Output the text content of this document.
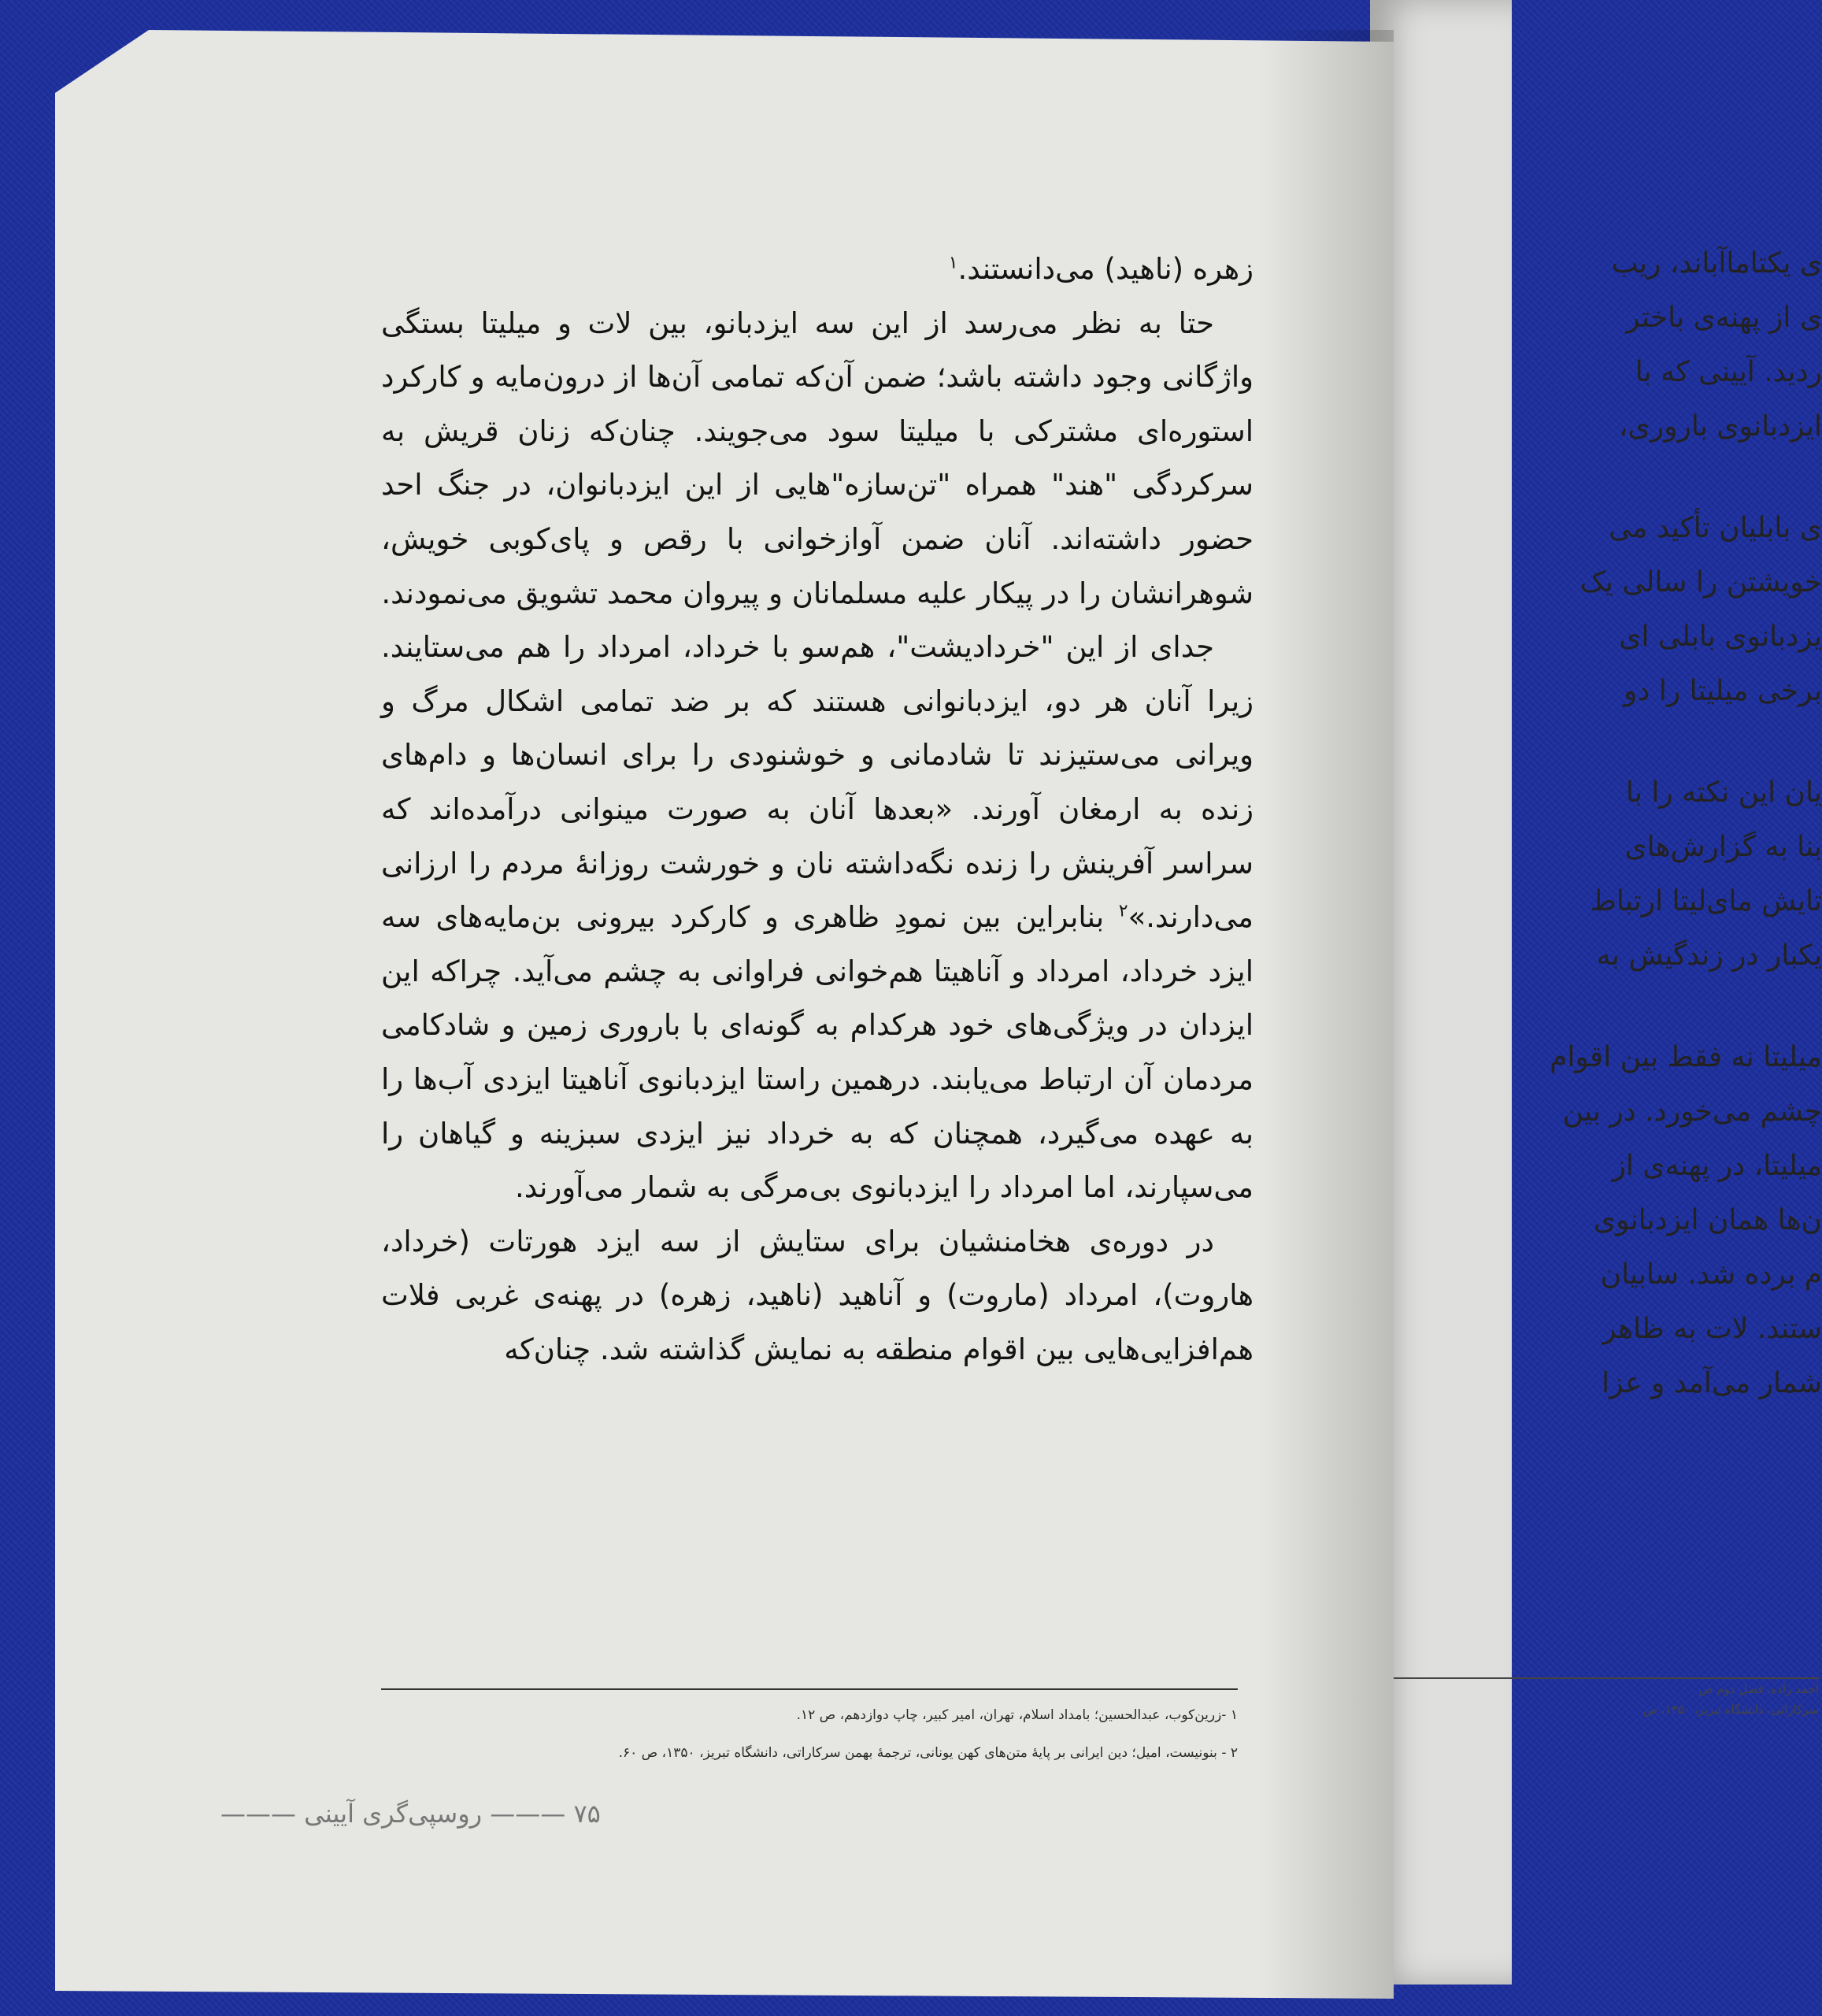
ی یکتا‌ماآباند، ریب
ی از پهنه‌ی باختر
ردید. آیینی که با
ایزدبانوی باروری،
ی بابلیان تأکید می
خویشتن را سالی یک
یزدبانوی بابلی ای
برخی میلیتا را دو
یان این نکته را با
بنا به گزارش‌های
تایش مای‌لیتا ارتباط
یکبار در زندگیش به
میلیتا نه فقط بین اقوام
چشم می‌خورد. در بین
میلیتا، در پهنه‌ی از
ن‌ها همان ایزدبانوی
م برده شد. سابیان
ستند. لات به ظاهر
شمار می‌آمد و عزا
احمد زاده، فصل دوم ص
سرکاراتی، دانشگاه تبریز، ۱۳۵۰، ص

زهره (ناهید) می‌دانستند.$^۱$

حتا به نظر می‌رسد از این سه ایزدبانو، بین لات و میلیتا بستگی واژگانی وجود داشته باشد؛ ضمن آن‌که تمامی آن‌ها از درون‌مایه و کارکرد استوره‌ای مشترکی با میلیتا سود می‌جویند. چنان‌که زنان قریش به سرکردگی "هند" همراه "تن‌سازه"هایی از این ایزدبانوان، در جنگ احد حضور داشته‌اند. آنان ضمن آوازخوانی با رقص و پای‌کوبی خویش، شوهرانشان را در پیکار علیه مسلمانان و پیروان محمد تشویق می‌نمودند.

جدای از این "خردادیشت"، هم‌سو با خرداد، امرداد را هم می‌ستایند. زیرا آنان هر دو، ایزدبانوانی هستند که بر ضد تمامی اشکال مرگ و ویرانی می‌ستیزند تا شادمانی و خوشنودی را برای انسان‌ها و دام‌های زنده به ارمغان آورند. «بعدها آنان به صورت مینوانی درآمده‌اند که سراسر آفرینش را زنده نگه‌داشته نان و خورشت روزانهٔ مردم را ارزانی می‌دارند.»$^۲$ بنابراین بین نمودِ ظاهری و کارکرد بیرونی بن‌مایه‌های سه ایزد خرداد، امرداد و آناهیتا هم‌خوانی فراوانی به چشم می‌آید. چراکه این ایزدان در ویژگی‌های خود هرکدام به گونه‌ای با باروری زمین و شادکامی مردمان آن ارتباط می‌یابند. درهمین راستا ایزدبانوی آناهیتا ایزدی آب‌ها را به عهده می‌گیرد، همچنان که به خرداد نیز ایزدی سبزینه و گیاهان را می‌سپارند، اما امرداد را ایزدبانوی بی‌مرگی به شمار می‌آورند.

در دوره‌ی هخامنشیان برای ستایش از سه ایزد هورتات (خرداد، هاروت)، امرداد (ماروت) و آناهید (ناهید، زهره) در پهنه‌ی غربی فلات هم‌افزایی‌هایی بین اقوام منطقه به نمایش گذاشته شد. چنان‌که

۱ -زرین‌کوب، عبدالحسین؛ بامداد اسلام، تهران، امیر کبیر، چاپ دوازدهم، ص ۱۲.
۲ - بنونیست، امیل؛ دین ایرانی بر پایهٔ متن‌های کهن یونانی، ترجمهٔ بهمن سرکاراتی، دانشگاه تبریز، ۱۳۵۰، ص ۶۰.
۷۵ ——— روسپی‌گری آیینی ———
